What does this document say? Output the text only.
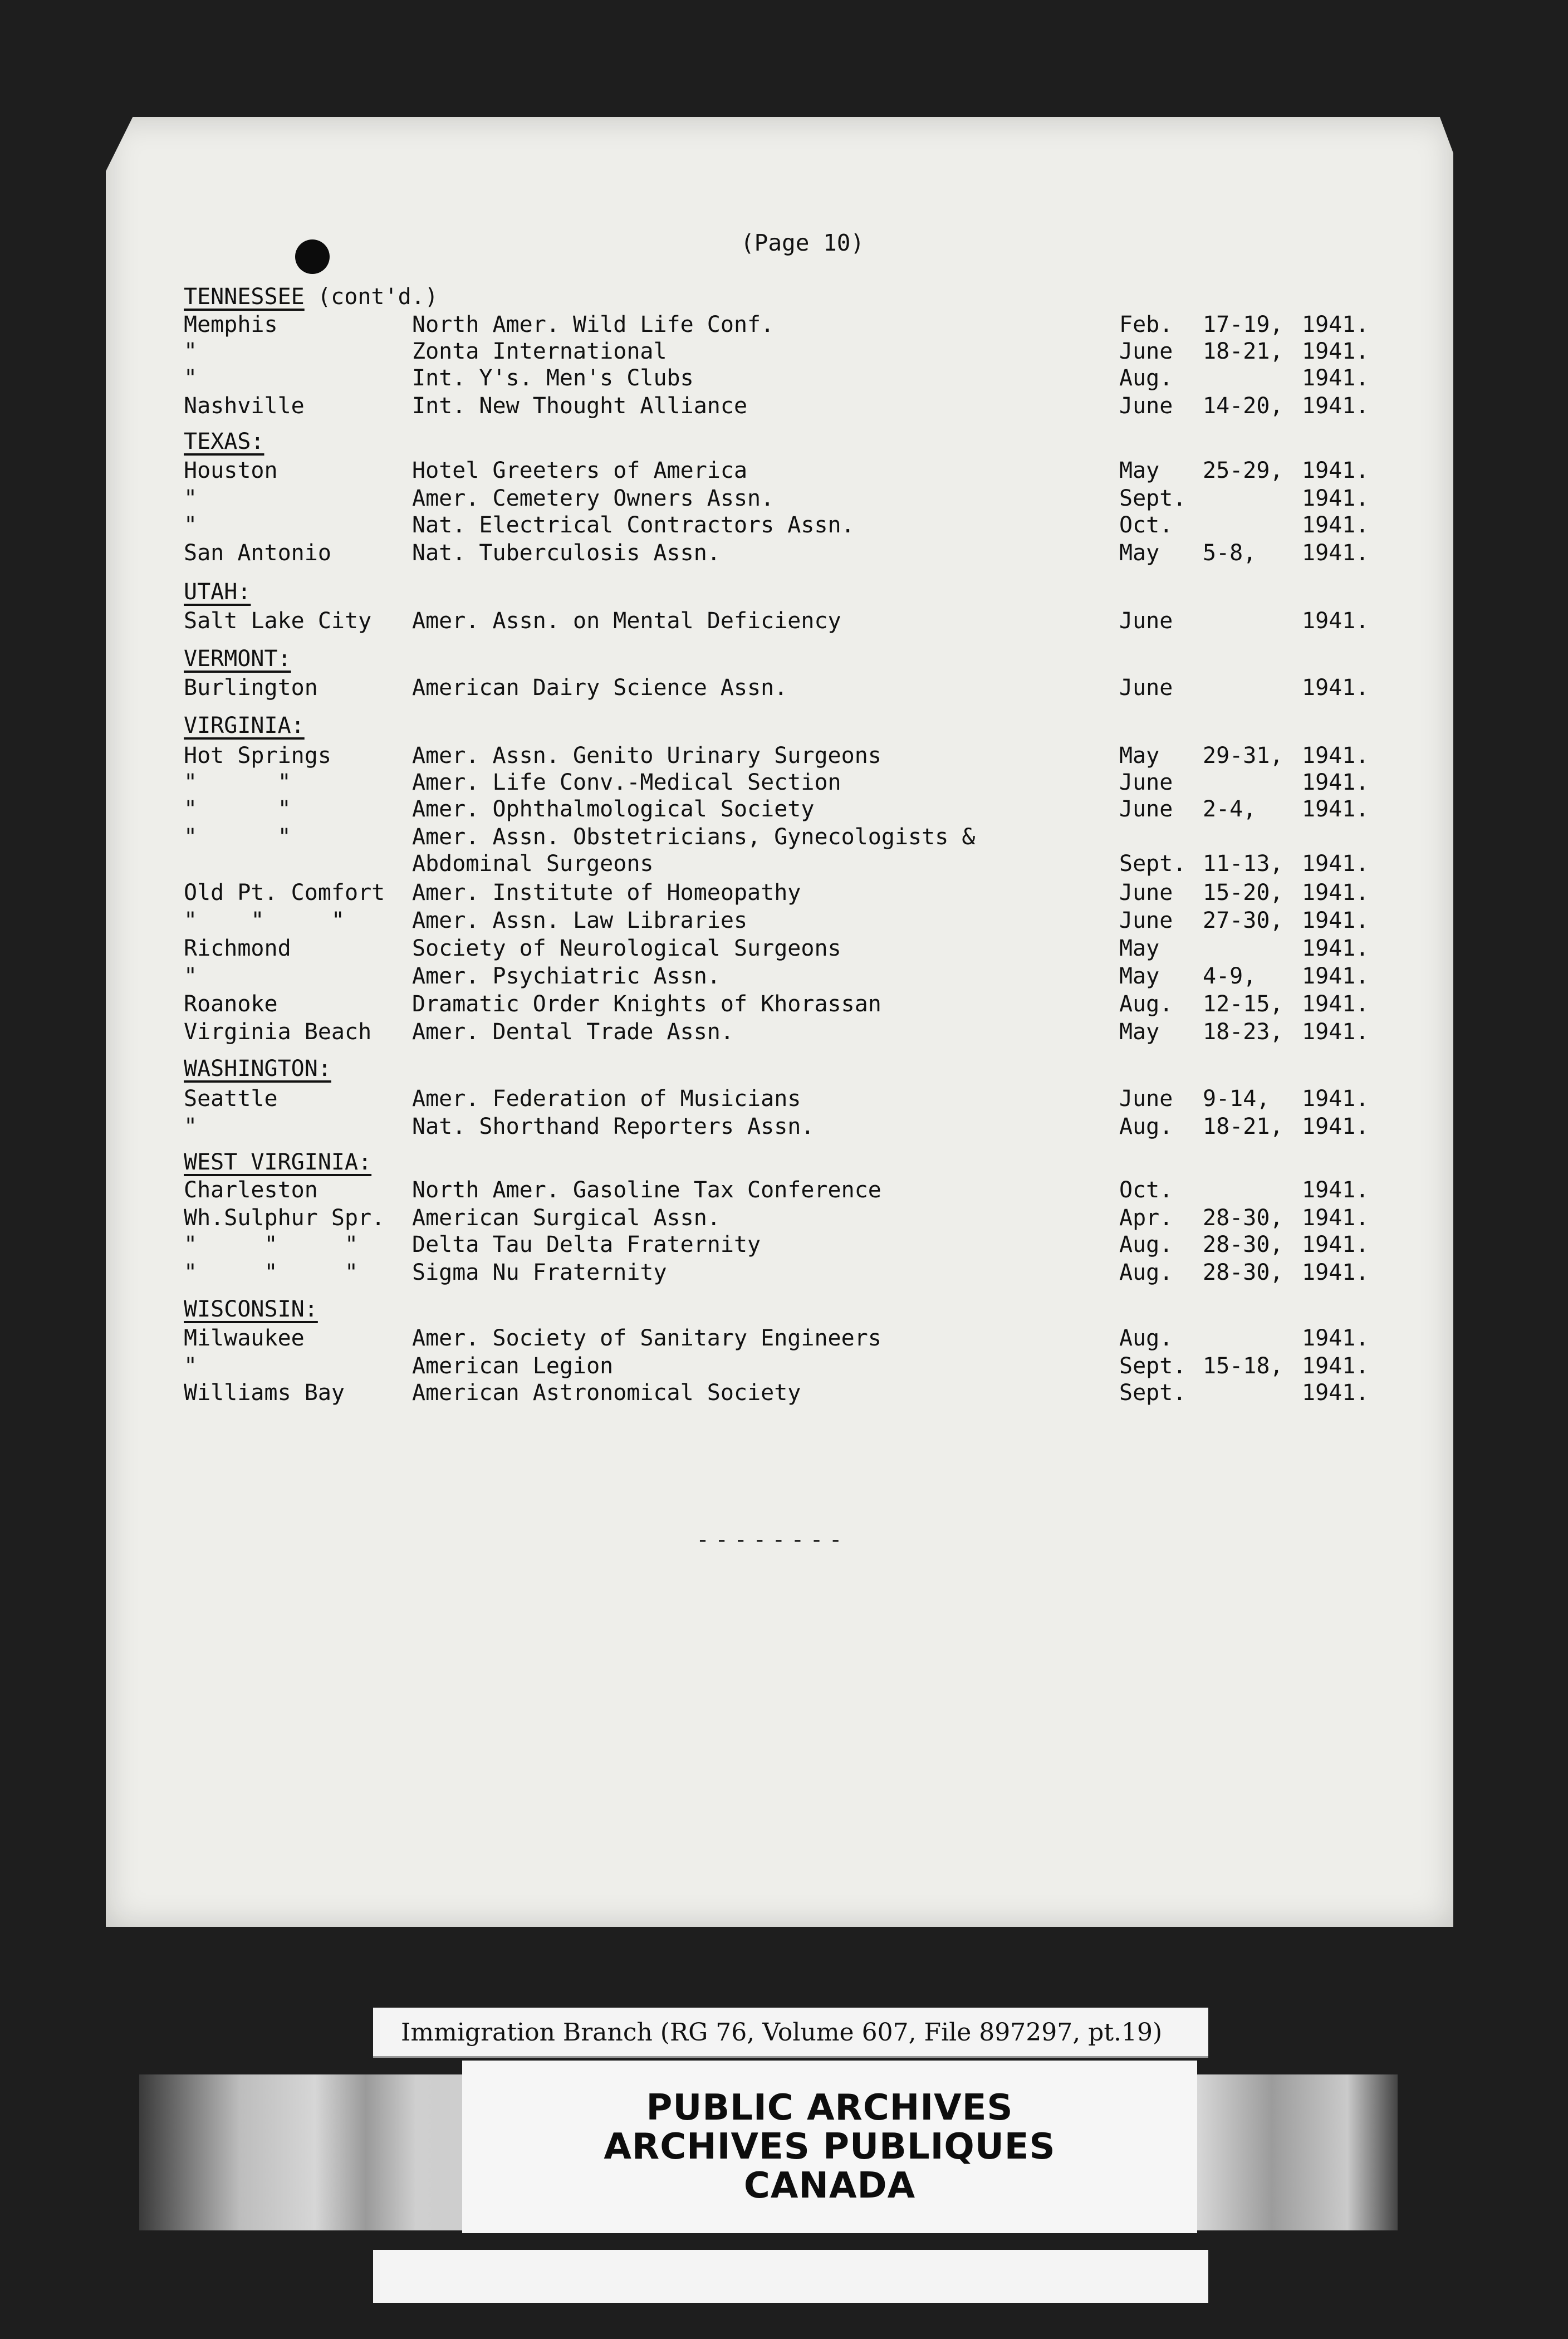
(Page 10)
TENNESSEE (cont'd.)
Memphis	North Amer. Wild Life Conf.	Feb. 17-19, 1941.
"	Zonta International	June 18-21, 1941.
"	Int. Y's. Men's Clubs	Aug.	1941.
Nashville	Int. New Thought Alliance	June 14-20, 1941.
TEXAS:
Houston	Hotel Greeters of America	May 25-29, 1941.
"	Amer. Cemetery Owners Assn.	Sept.	1941.
"	Nat. Electrical Contractors Assn.	Oct.	1941.
San Antonio	Nat. Tuberculosis Assn.	May 5-8, 1941.
UTAH:
Salt Lake City Amer. Assn. on Mental Deficiency	June	1941.
VERMONT:
Burlington	American Dairy Science Assn.	June	1941.
VIRGINIA:
Hot Springs	Amer. Assn. Genito Urinary Surgeons	May 29-31, 1941.
"      "	Amer. Life Conv.-Medical Section	June	1941.
"      "	Amer. Ophthalmological Society	June 2-4, 1941.
"      "	Amer. Assn. Obstetricians, Gynecologists &
Abdominal Surgeons	Sept. 11-13, 1941.
Old Pt. Comfort Amer. Institute of Homeopathy	June 15-20, 1941.
"    "     "	Amer. Assn. Law Libraries	June 27-30, 1941.
Richmond	Society of Neurological Surgeons	May	1941.
"	Amer. Psychiatric Assn.	May 4-9, 1941.
Roanoke	Dramatic Order Knights of Khorassan	Aug. 12-15, 1941.
Virginia Beach Amer. Dental Trade Assn.	May 18-23, 1941.
WASHINGTON:
Seattle	Amer. Federation of Musicians	June 9-14, 1941.
"	Nat. Shorthand Reporters Assn.	Aug. 18-21, 1941.
WEST VIRGINIA:
Charleston	North Amer. Gasoline Tax Conference	Oct.	1941.
Wh.Sulphur Spr. American Surgical Assn.	Apr. 28-30, 1941.
"     "     " Delta Tau Delta Fraternity	Aug. 28-30, 1941.
"     "     " Sigma Nu Fraternity	Aug. 28-30, 1941.
WISCONSIN:
Milwaukee	Amer. Society of Sanitary Engineers	Aug.	1941.
"	American Legion	Sept. 15-18, 1941.
Williams Bay	American Astronomical Society	Sept.	1941.
--------
Immigration Branch (RG 76, Volume 607, File 897297, pt.19)
PUBLIC ARCHIVES
ARCHIVES PUBLIQUES
CANADA
